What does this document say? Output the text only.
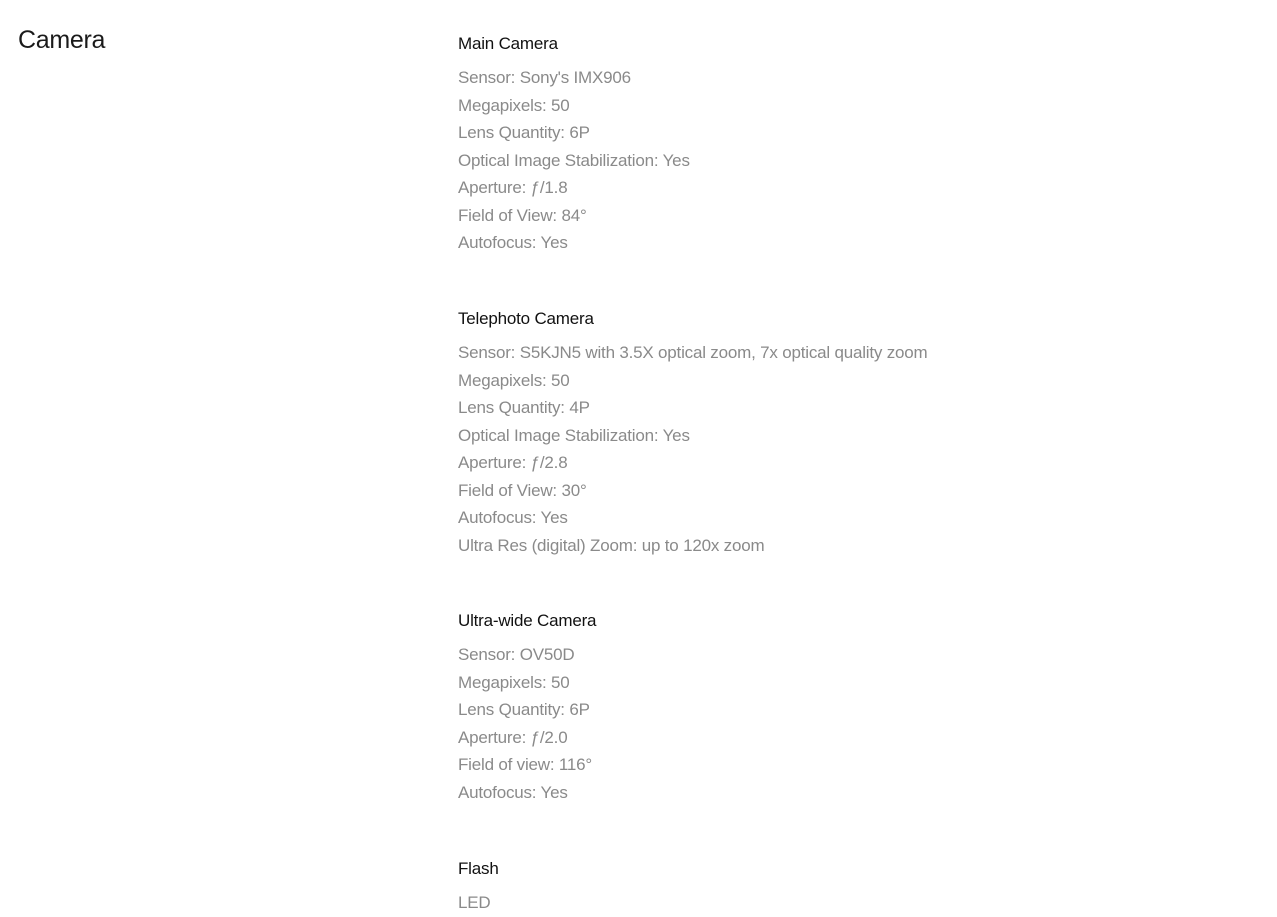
Camera	Main Camera
Sensor: Sony's IMX906
Megapixels: 50
Lens Quantity: 6P
Optical Image Stabilization: Yes
Aperture: ƒ/1.8
Field of View: 84°
Autofocus: Yes
Telephoto Camera
Sensor: S5KJN5 with 3.5X optical zoom, 7x optical quality zoom
Megapixels: 50
Lens Quantity: 4P
Optical Image Stabilization: Yes
Aperture: ƒ/2.8
Field of View: 30°
Autofocus: Yes
Ultra Res (digital) Zoom: up to 120x zoom
Ultra-wide Camera
Sensor: OV50D
Megapixels: 50
Lens Quantity: 6P
Aperture: ƒ/2.0
Field of view: 116°
Autofocus: Yes
Flash
LED
